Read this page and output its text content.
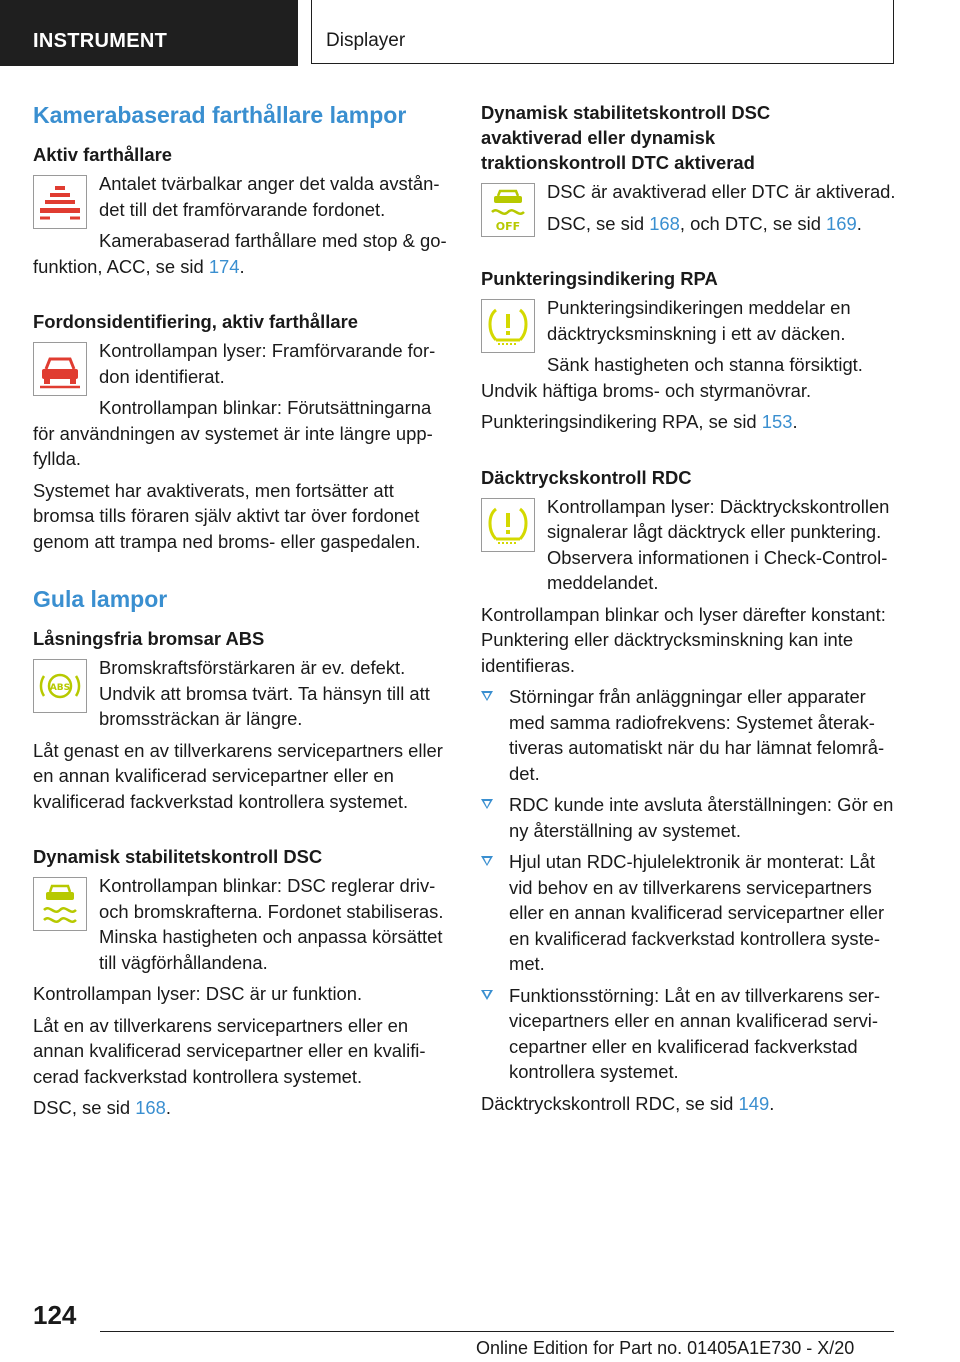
INSTRUMENT	Displayer
Kamerabaserad farthållare lampor
Aktiv farthållare

Antalet tvärbalkar anger det valda avståndet till det framförvarande fordonet.

Kamerabaserad farthållare med stop & go-funktion, ACC, se sid 174.

Fordonsidentifiering, aktiv farthållare

Kontrollampan lyser: Framförvarande fordon identifierat.

Kontrollampan blinkar: Förutsättningarna för användningen av systemet är inte längre uppfyllda.

Systemet har avaktiverats, men fortsätter att bromsa tills föraren själv aktivt tar över fordonet genom att trampa ned broms- eller gaspedalen.

Gula lampor
Låsningsfria bromsar ABS
ABS

Bromskraftsförstärkaren är ev. defekt. Undvik att bromsa tvärt. Ta hänsyn till att bromssträckan är längre.

Låt genast en av tillverkarens servicepartners eller en annan kvalificerad servicepartner eller en kvalificerad fackverkstad kontrollera systemet.

Dynamisk stabilitetskontroll DSC

Kontrollampan blinkar: DSC reglerar driv- och bromskrafterna. Fordonet stabiliseras. Minska hastigheten och anpassa körsättet till vägförhållandena.

Kontrollampan lyser: DSC är ur funktion.

Låt en av tillverkarens servicepartners eller en annan kvalificerad servicepartner eller en kvalificerad fackverkstad kontrollera systemet.

DSC, se sid 168.

Dynamisk stabilitetskontroll DSC avaktiverad eller dynamisk traktionskontroll DTC aktiverad
OFF

DSC är avaktiverad eller DTC är aktiverad.

DSC, se sid 168, och DTC, se sid 169.

Punkteringsindikering RPA

Punkteringsindikeringen meddelar en däcktrycksminskning i ett av däcken.

Sänk hastigheten och stanna försiktigt. Undvik häftiga broms- och styrmanövrar.

Punkteringsindikering RPA, se sid 153.

Däcktryckskontroll RDC

Kontrollampan lyser: Däcktryckskontrollen signalerar lågt däcktryck eller punktering. Observera informationen i Check-Control-meddelandet.

Kontrollampan blinkar och lyser därefter konstant: Punktering eller däcktrycksminskning kan inte identifieras.

Störningar från anläggningar eller apparater med samma radiofrekvens: Systemet återaktiveras automatiskt när du har lämnat felområdet.
RDC kunde inte avsluta återställningen: Gör en ny återställning av systemet.
Hjul utan RDC-hjulelektronik är monterat: Låt vid behov en av tillverkarens servicepartners eller en annan kvalificerad servicepartner eller en kvalificerad fackverkstad kontrollera systemet.
Funktionsstörning: Låt en av tillverkarens servicepartners eller en annan kvalificerad servicepartner eller en kvalificerad fackverkstad kontrollera systemet.

Däcktryckskontroll RDC, se sid 149.

124
Online Edition for Part no. 01405A1E730 - X/20
